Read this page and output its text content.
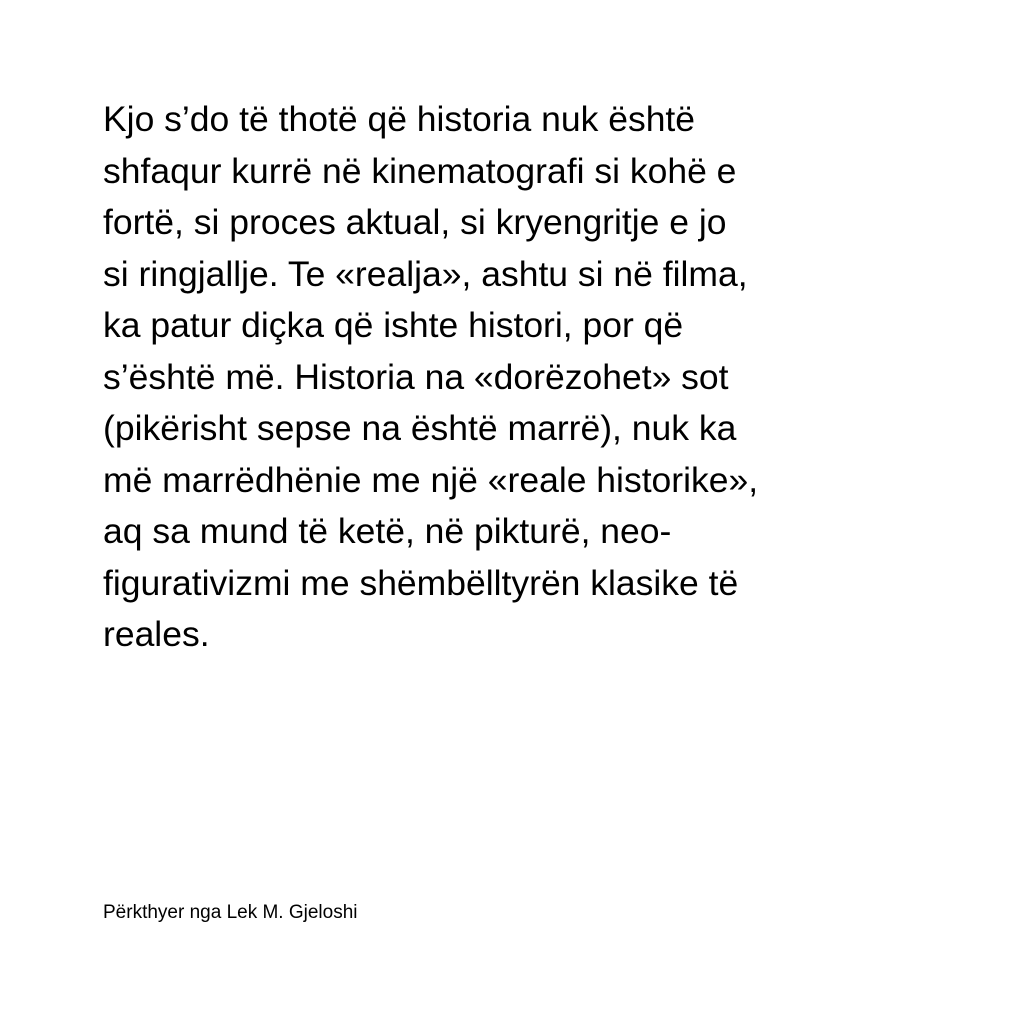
Kjo s’do të thotë që historia nuk është
shfaqur kurrë në kinematografi si kohë e
fortë, si proces aktual, si kryengritje e jo
si ringjallje. Te «realja», ashtu si në filma,
ka patur diçka që ishte histori, por që
s’është më. Historia na «dorëzohet» sot
(pikërisht sepse na është marrë), nuk ka
më marrëdhënie me një «reale historike»,
aq sa mund të ketë, në pikturë, neo-
figurativizmi me shëmbëlltyrën klasike të
reales.

Përkthyer nga Lek M. Gjeloshi
